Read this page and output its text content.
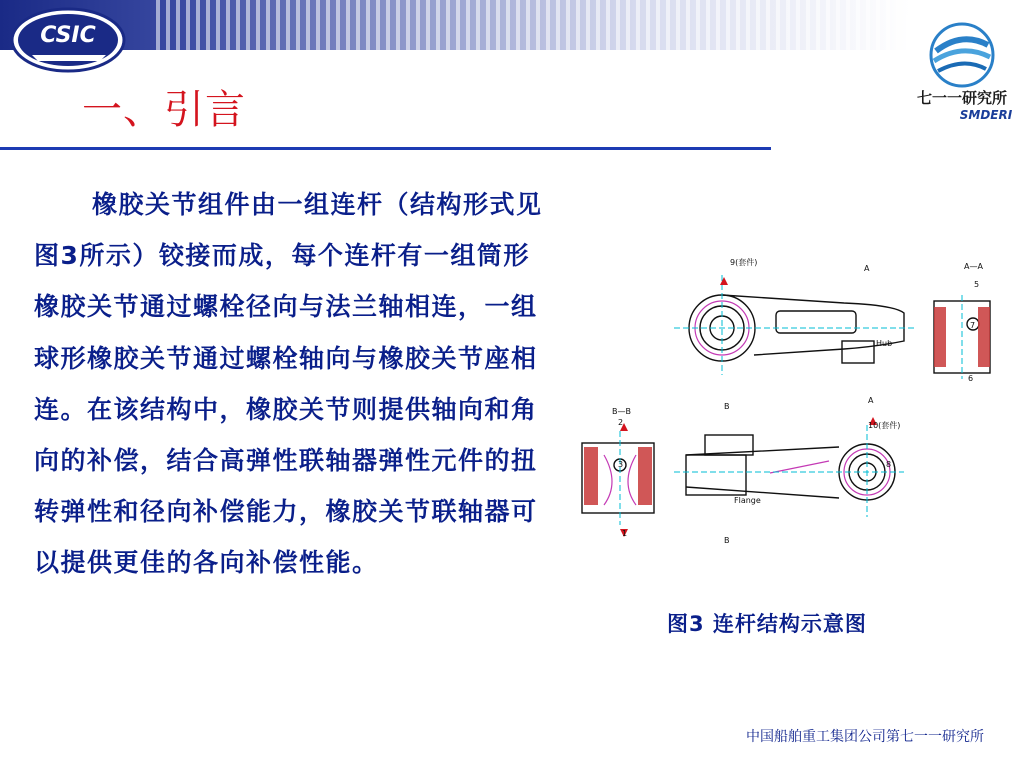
CSIC
七一一研究所
SMDERI
一、引言

橡胶关节组件由一组连杆（结构形式见图3所示）铰接而成，每个连杆有一组筒形橡胶关节通过螺栓径向与法兰轴相连，一组球形橡胶关节通过螺栓轴向与橡胶关节座相连。在该结构中，橡胶关节则提供轴向和角向的补偿，结合高弹性联轴器弹性元件的扭转弹性和径向补偿能力，橡胶关节联轴器可以提供更佳的各向补偿性能。

9(套件)
A	A—A
5
7
6
Hub
A
B—B
2
3
1
B
10(套件)
8
Flange
B
图3 连杆结构示意图
中国船舶重工集团公司第七一一研究所
